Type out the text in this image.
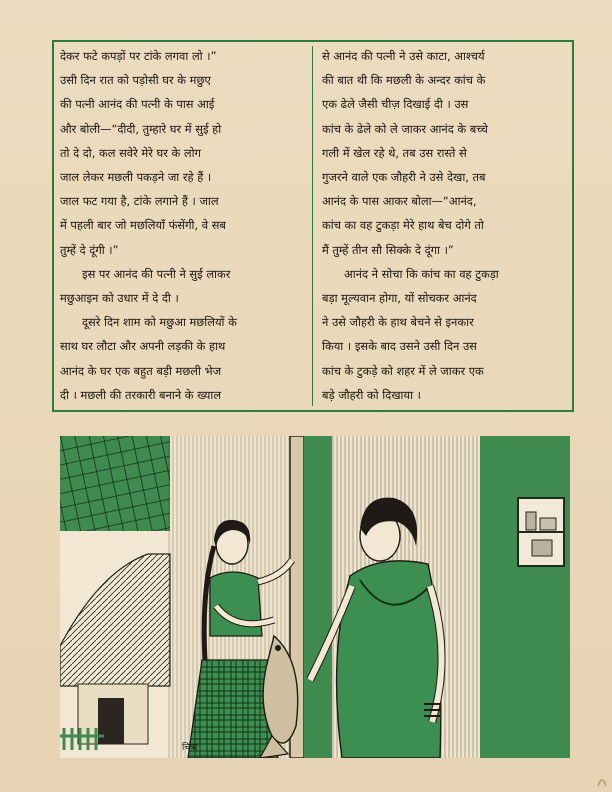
देकर फटे कपड़ों पर टांके लगवा लो ।”
उसी दिन रात को पड़ोसी घर के मछुए
की पत्नी आनंद की पत्नी के पास आई
और बोली—“दीदी, तुम्हारे घर में सुई हो
तो दे दो, कल सवेरे मेरे घर के लोग
जाल लेकर मछली पकड़ने जा रहे हैं ।
जाल फट गया है, टांके लगाने हैं । जाल
में पहली बार जो मछलियाँ फंसेंगी, वे सब
तुम्हें दे दूंगी ।”

इस पर आनंद की पत्नी ने सुई लाकर
मछुआइन को उधार में दे दी ।

दूसरे दिन शाम को मछुआ मछलियों के
साथ घर लौटा और अपनी लड़की के हाथ
आनंद के घर एक बहुत बड़ी मछली भेज
दी । मछली की तरकारी बनाने के ख्याल

से आनंद की पत्नी ने उसे काटा, आश्चर्य
की बात थी कि मछली के अन्दर कांच के
एक ढेले जैसी चीज़ दिखाई दी । उस
कांच के ढेले को ले जाकर आनंद के बच्चे
गली में खेल रहे थे, तब उस रास्ते से
गुजरने वाले एक जौहरी ने उसे देखा, तब
आनंद के पास आकर बोला—“आनंद,
कांच का वह टुकड़ा मेरे हाथ बेच दोगे तो
मैं तुम्हें तीन सौ सिक्के दे दूंगा ।”

आनंद ने सोचा कि कांच का वह टुकड़ा
बड़ा मूल्यवान होगा, यों सोचकर आनंद
ने उसे जौहरी के हाथ बेचने से इनकार
किया । इसके बाद उसने उसी दिन उस
कांच के टुकड़े को शहर में ले जाकर एक
बड़े जौहरी को दिखाया ।

चित्रा
